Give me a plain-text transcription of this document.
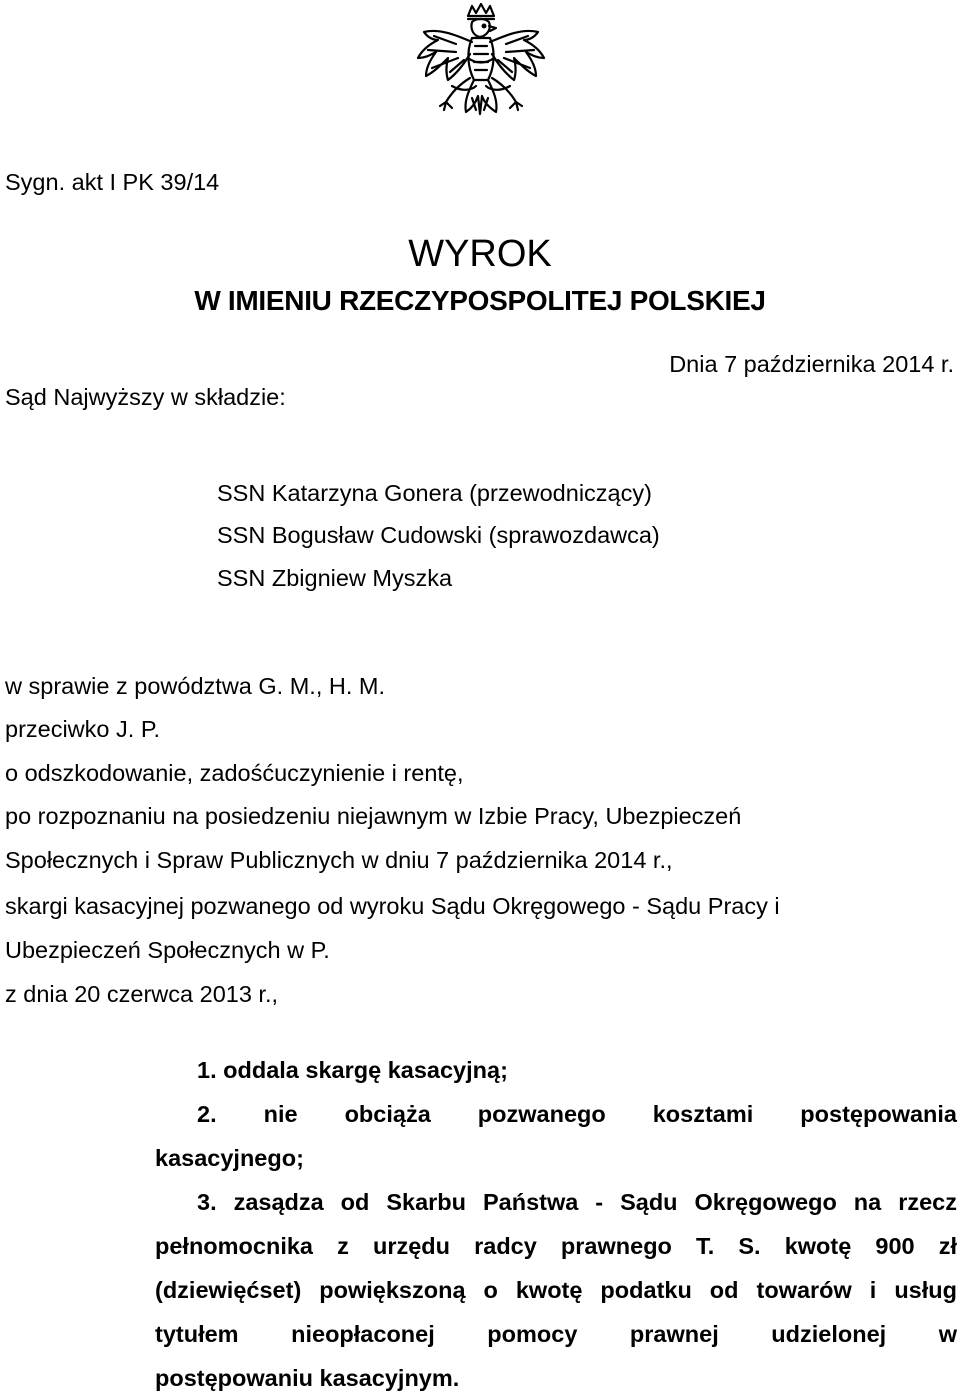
Sygn. akt I PK 39/14

WYROK
W IMIENIU RZECZYPOSPOLITEJ POLSKIEJ

Dnia 7 października 2014 r.

Sąd Najwyższy w składzie:

SSN Katarzyna Gonera (przewodniczący)

SSN Bogusław Cudowski (sprawozdawca)

SSN Zbigniew Myszka

w sprawie z powództwa G. M., H. M.

przeciwko J. P.

o odszkodowanie, zadośćuczynienie i rentę,

po rozpoznaniu na posiedzeniu niejawnym w Izbie Pracy, Ubezpieczeń

Społecznych i Spraw Publicznych w dniu 7 października 2014 r.,

skargi kasacyjnej pozwanego od wyroku Sądu Okręgowego - Sądu Pracy i

Ubezpieczeń Społecznych w P.

z dnia 20 czerwca 2013 r.,

1. oddala skargę kasacyjną;

2. nie obciąża pozwanego kosztami postępowania

kasacyjnego;

3. zasądza od Skarbu Państwa - Sądu Okręgowego na rzecz

pełnomocnika z urzędu radcy prawnego T. S. kwotę 900 zł

(dziewięćset) powiększoną o kwotę podatku od towarów i usług

tytułem nieopłaconej pomocy prawnej udzielonej w

postępowaniu kasacyjnym.
